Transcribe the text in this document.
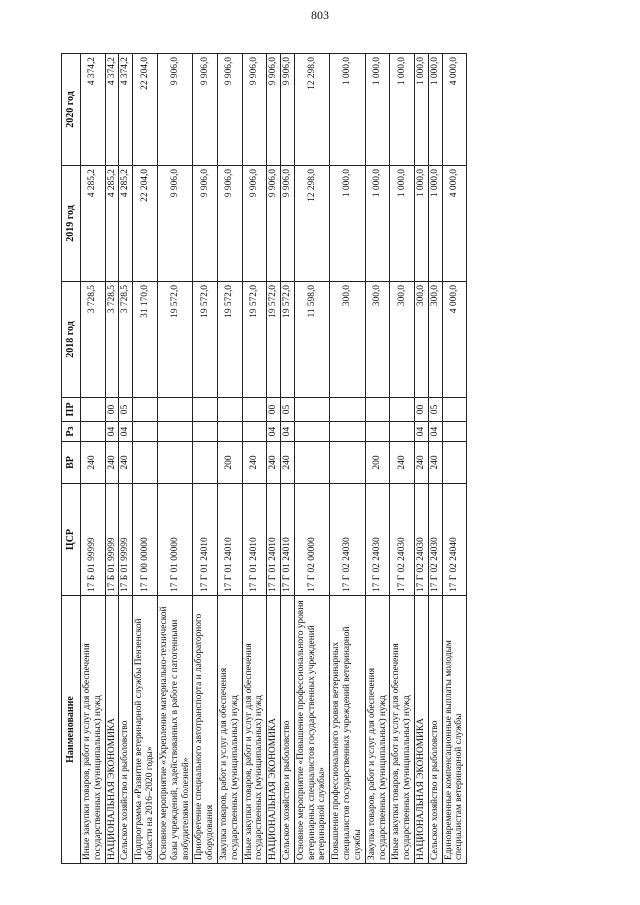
803
Наименование	ЦСР	ВР	Рз	ПР	2018 год	2019 год	2020 год
Иные закупки товаров, работ и услуг для обеспечения государственных (муниципальных) нужд	17 Б 01 99999	240			3 728,5	4 285,2	4 374,2
НАЦИОНАЛЬНАЯ ЭКОНОМИКА	17 Б 01 99999	240	04	00	3 728,5	4 285,2	4 374,2
Сельское хозяйство и рыболовство	17 Б 01 99999	240	04	05	3 728,5	4 285,2	4 374,2
Подпрограмма «Развитие ветеринарной службы Пензенской области на 2016–2020 годы»	17 Г 00 00000				31 170,0	22 204,0	22 204,0
Основное мероприятие «Укрепление материально-технической базы учреждений, задействованных в работе с патогенными возбудителями болезней»	17 Г 01 00000				19 572,0	9 906,0	9 906,0
Приобретение специального автотранспорта и лабораторного оборудования	17 Г 01 24010				19 572,0	9 906,0	9 906,0
Закупка товаров, работ и услуг для обеспечения государственных (муниципальных) нужд	17 Г 01 24010	200			19 572,0	9 906,0	9 906,0
Иные закупки товаров, работ и услуг для обеспечения государственных (муниципальных) нужд	17 Г 01 24010	240			19 572,0	9 906,0	9 906,0
НАЦИОНАЛЬНАЯ ЭКОНОМИКА	17 Г 01 24010	240	04	00	19 572,0	9 906,0	9 906,0
Сельское хозяйство и рыболовство	17 Г 01 24010	240	04	05	19 572,0	9 906,0	9 906,0
Основное мероприятие «Повышение профессионального уровня ветеринарных специалистов государственных учреждений ветеринарной службы»	17 Г 02 00000				11 598,0	12 298,0	12 298,0
Повышение профессионального уровня ветеринарных специалистов государственных учреждений ветеринарной службы	17 Г 02 24030				300,0	1 000,0	1 000,0
Закупка товаров, работ и услуг для обеспечения государственных (муниципальных) нужд	17 Г 02 24030	200			300,0	1 000,0	1 000,0
Иные закупки товаров, работ и услуг для обеспечения государственных (муниципальных) нужд	17 Г 02 24030	240			300,0	1 000,0	1 000,0
НАЦИОНАЛЬНАЯ ЭКОНОМИКА	17 Г 02 24030	240	04	00	300,0	1 000,0	1 000,0
Сельское хозяйство и рыболовство	17 Г 02 24030	240	04	05	300,0	1 000,0	1 000,0
Единовременные компенсационные выплаты молодым специалистам ветеринарной службы	17 Г 02 24040				4 000,0	4 000,0	4 000,0
